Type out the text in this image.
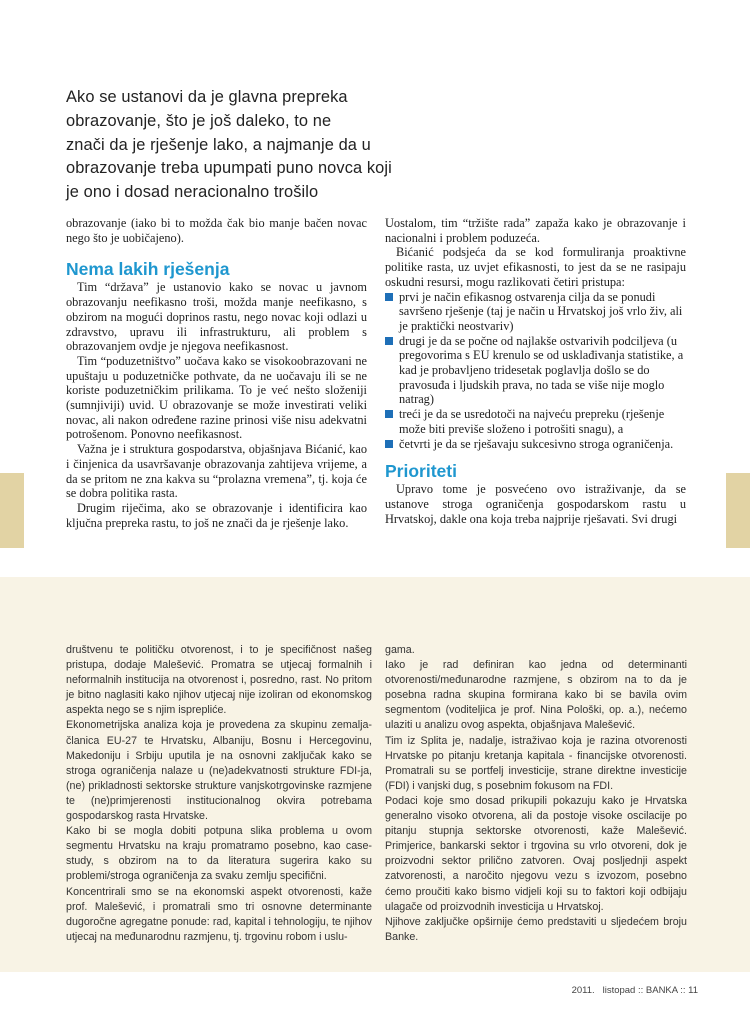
Ako se ustanovi da je glavna prepreka

obrazovanje, što je još daleko, to ne

znači da je rješenje lako, a najmanje da u

obrazovanje treba upumpati puno novca koji

je ono i dosad neracionalno trošilo

obrazovanje (iako bi to možda čak bio manje bačen novac nego što je uobičajeno).

Nema lakih rješenja

Tim “država” je ustanovio kako se novac u javnom obrazovanju neefikasno troši, možda manje neefikasno, s obzirom na mogući doprinos rastu, nego novac koji odlazi u zdravstvo, upravu ili infrastrukturu, ali problem s obrazovanjem ovdje je njegova neefikasnost.

Tim “poduzetništvo” uočava kako se visokoobrazovani ne upuštaju u poduzetničke pothvate, da ne uočavaju ili se ne koriste poduzetničkim prilikama. To je već nešto složeniji (sumnjiviji) uvid. U obrazovanje se može investirati veliki novac, ali nakon određene razine prinosi više nisu adekvatni potrošenom. Ponovno neefikasnost.

Važna je i struktura gospodarstva, objašnjava Bićanić, kao i činjenica da usavršavanje obrazovanja zahtijeva vrijeme, a da se pritom ne zna kakva su “prolazna vremena”, tj. koja će se dobra politika rasta.

Drugim riječima, ako se obrazovanje i identificira kao ključna prepreka rastu, to još ne znači da je rješenje lako.

Uostalom, tim “tržište rada” zapaža kako je obrazovanje i nacionalni i problem poduzeća.

Bićanić podsjeća da se kod formuliranja proaktivne politike rasta, uz uvjet efikasnosti, to jest da se ne rasipaju oskudni resursi, mogu razlikovati četiri pristupa:

prvi je način efikasnog ostvarenja cilja da se ponudi savršeno rješenje (taj je način u Hrvatskoj još vrlo živ, ali je praktički neostvariv)
drugi je da se počne od najlakše ostvarivih podciljeva (u pregovorima s EU krenulo se od usklađivanja statistike, a kad je probavljeno tridesetak poglavlja došlo se do pravosuđa i ljudskih prava, no tada se više nije moglo natrag)
treći je da se usredotoči na najveću prepreku (rješenje može biti previše složeno i potrošiti snagu), a
četvrti je da se rješavaju sukcesivno stroga ograničenja.
Prioriteti

Upravo tome je posvećeno ovo istraživanje, da se ustanove stroga ograničenja gospodarskom rastu u Hrvatskoj, dakle ona koja treba najprije rješavati. Svi drugi

društvenu te političku otvorenost, i to je specifičnost našeg pristupa, dodaje Malešević. Promatra se utjecaj formalnih i neformalnih institucija na otvorenost i, posredno, rast. No pritom je bitno naglasiti kako njihov utjecaj nije izoliran od ekonomskog aspekta nego se s njim isprepliće.

Ekonometrijska analiza koja je provedena za skupinu zemalja-članica EU-27 te Hrvatsku, Albaniju, Bosnu i Hercegovinu, Makedoniju i Srbiju uputila je na osnovni zaključak kako se stroga ograničenja nalaze u (ne)adekvatnosti strukture FDI-ja, (ne) prikladnosti sektorske strukture vanjskotrgovinske razmjene te (ne)primjerenosti institucionalnog okvira potrebama gospodarskog rasta Hrvatske.

Kako bi se mogla dobiti potpuna slika problema u ovom segmentu Hrvatsku na kraju promatramo posebno, kao case-study, s obzirom na to da literatura sugerira kako su problemi/stroga ograničenja za svaku zemlju specifični.

Koncentrirali smo se na ekonomski aspekt otvorenosti, kaže prof. Malešević, i promatrali smo tri osnovne determinante dugoročne agregatne ponude: rad, kapital i tehnologiju, te njihov utjecaj na međunarodnu razmjenu, tj. trgovinu robom i uslu-

gama.

Iako je rad definiran kao jedna od determinanti otvorenosti/međunarodne razmjene, s obzirom na to da je posebna radna skupina formirana kako bi se bavila ovim segmentom (voditeljica je prof. Nina Pološki, op. a.), nećemo ulaziti u analizu ovog aspekta, objašnjava Malešević.

Tim iz Splita je, nadalje, istraživao koja je razina otvorenosti Hrvatske po pitanju kretanja kapitala - financijske otvorenosti. Promatrali su se portfelj investicije, strane direktne investicije (FDI) i vanjski dug, s posebnim fokusom na FDI.

Podaci koje smo dosad prikupili pokazuju kako je Hrvatska generalno visoko otvorena, ali da postoje visoke oscilacije po pitanju stupnja sektorske otvorenosti, kaže Malešević. Primjerice, bankarski sektor i trgovina su vrlo otvoreni, dok je proizvodni sektor prilično zatvoren. Ovaj posljednji aspekt zatvorenosti, a naročito njegovu vezu s izvozom, posebno ćemo proučiti kako bismo vidjeli koji su to faktori koji odbijaju ulagače od proizvodnih investicija u Hrvatskoj.

Njihove zaključke opširnije ćemo predstaviti u sljedećem broju Banke.

2011.   listopad :: BANKA :: 11
